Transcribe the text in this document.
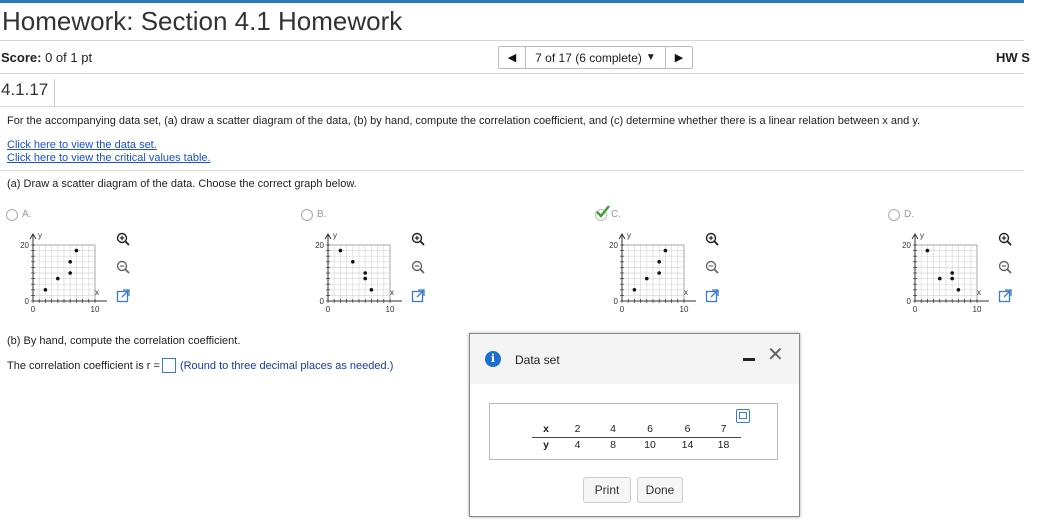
Homework: Section 4.1 Homework
Score: 0 of 1 pt	◀ 7 of 17 (6 complete) ▼ ▶	HW S
4.1.17
For the accompanying data set, (a) draw a scatter diagram of the data, (b) by hand, compute the correlation coefficient, and (c) determine whether there is a linear relation between x and y.
Click here to view the data set.
Click here to view the critical values table.
(a) Draw a scatter diagram of the data. Choose the correct graph below.
A.
20
0
0	10
y
x
B.
20
0
0	10
y
x
C.
20
0
0	10
y
x
D.
20
0
0	10
y
x
(b) By hand, compute the correlation coefficient.
The correlation coefficient is r = (Round to three decimal places as needed.)
i	Data set	✕
x	2	4	6	6	7
y	4	8	10	14	18
Print	Done
